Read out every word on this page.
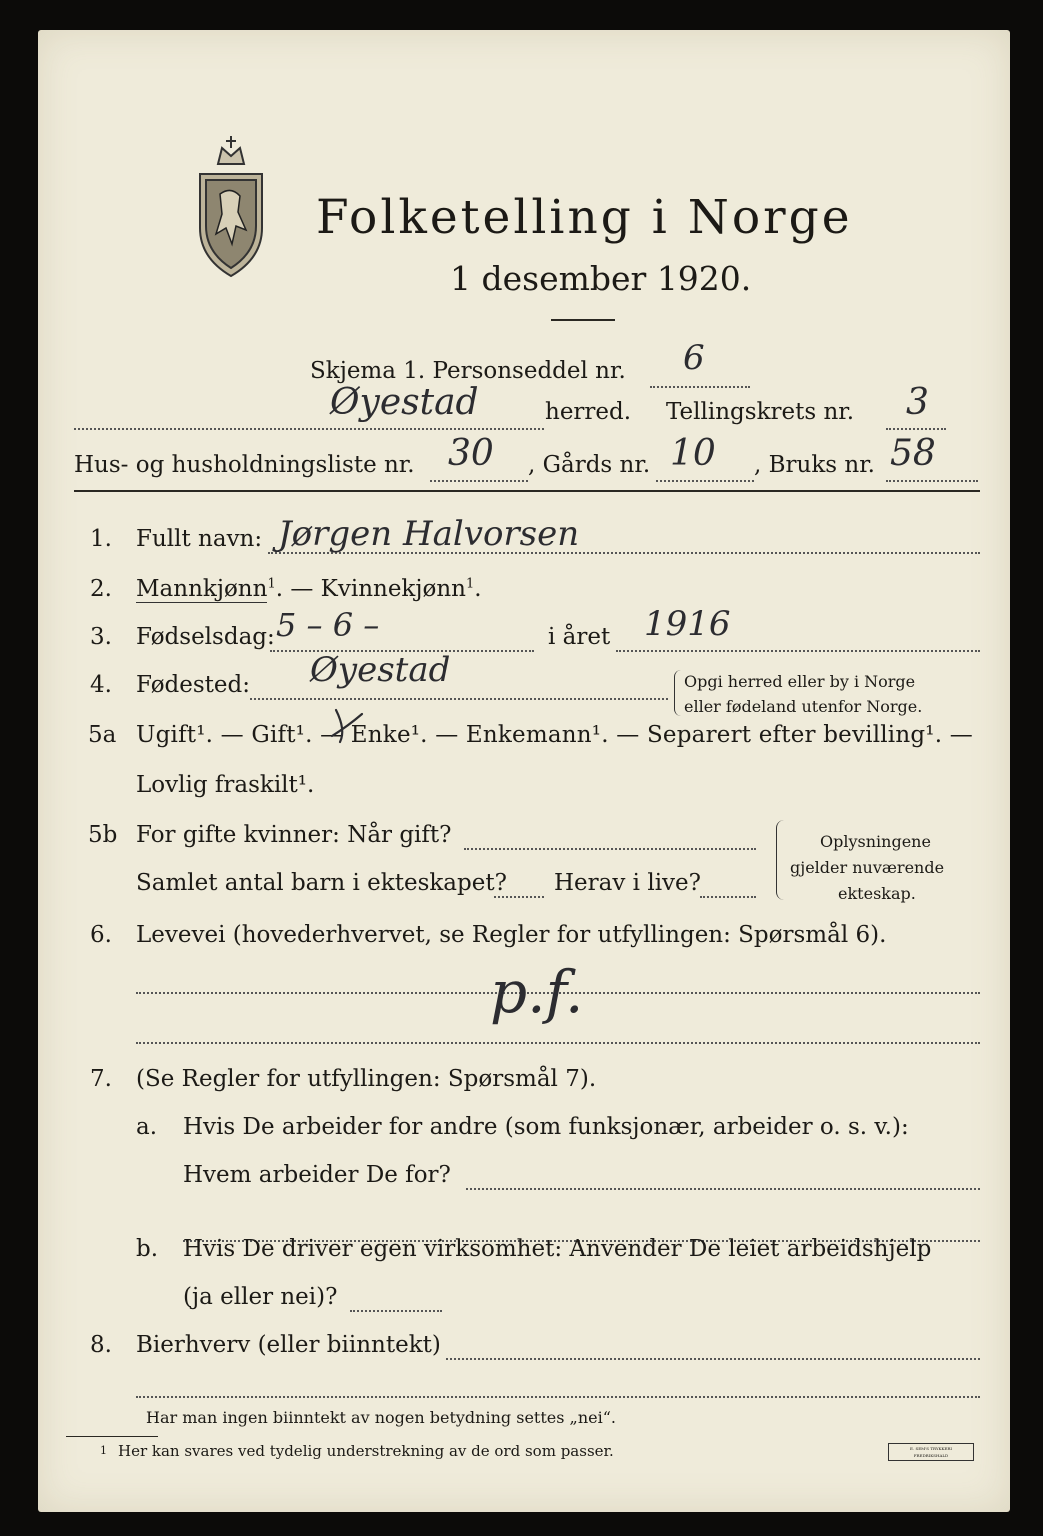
Folketelling i Norge
1 desember 1920.
Skjema 1. Personseddel nr. 6
Øyestad	herred. Tellingskrets nr. 3
Hus- og husholdningsliste nr. 30 , Gårds nr. 10 , Bruks nr. 58
1. Fullt navn: Jørgen Halvorsen
2. Mannkjønn$^1$. — Kvinnekjønn$^1$.
3. Fødselsdag: 5 – 6 –	i året 1916
4. Fødested: Øyestad	Opgi herred eller by i Norge
eller fødeland utenfor Norge.
5a Ugift¹. — Gift¹. — Enke¹. — Enkemann¹. — Separert efter bevilling¹. —
Lovlig fraskilt¹.
5b For gifte kvinner: Når gift?
Samlet antal barn i ekteskapet? Herav i live?
Oplysningene
gjelder nuværende
ekteskap.
6. Levevei (hovederhvervet, se Regler for utfyllingen: Spørsmål 6).
p.f.
7. (Se Regler for utfyllingen: Spørsmål 7).
a. Hvis De arbeider for andre (som funksjonær, arbeider o. s. v.):
Hvem arbeider De for?
b. Hvis De driver egen virksomhet: Anvender De leiet arbeidshjelp
(ja eller nei)?
8. Bierhverv (eller biinntekt)
Har man ingen biinntekt av nogen betydning settes „nei“.
1 Her kan svares ved tydelig understrekning av de ord som passer.	E. SEM'S TRYKKERI FREDRIKSHALD
